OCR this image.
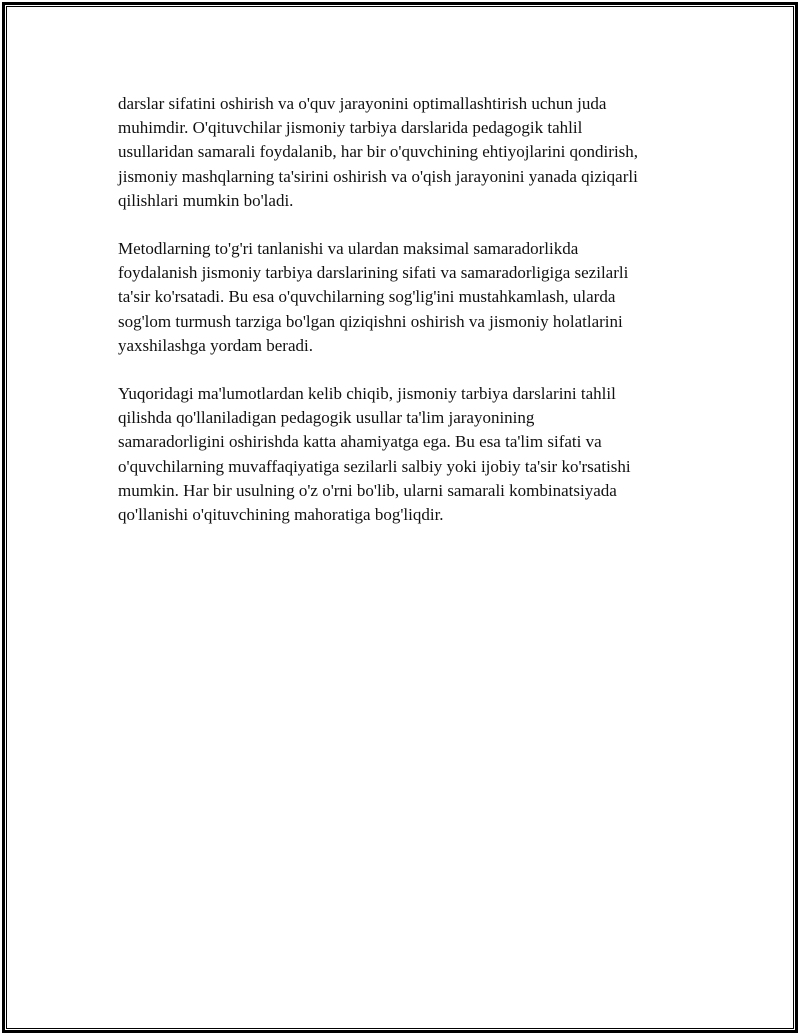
darslar sifatini oshirish va o'quv jarayonini optimallashtirish uchun juda
muhimdir. O'qituvchilar jismoniy tarbiya darslarida pedagogik tahlil
usullaridan samarali foydalanib, har bir o'quvchining ehtiyojlarini qondirish,
jismoniy mashqlarning ta'sirini oshirish va o'qish jarayonini yanada qiziqarli
qilishlari mumkin bo'ladi.

Metodlarning to'g'ri tanlanishi va ulardan maksimal samaradorlikda
foydalanish jismoniy tarbiya darslarining sifati va samaradorligiga sezilarli
ta'sir ko'rsatadi. Bu esa o'quvchilarning sog'lig'ini mustahkamlash, ularda
sog'lom turmush tarziga bo'lgan qiziqishni oshirish va jismoniy holatlarini
yaxshilashga yordam beradi.

Yuqoridagi ma'lumotlardan kelib chiqib, jismoniy tarbiya darslarini tahlil
qilishda qo'llaniladigan pedagogik usullar ta'lim jarayonining
samaradorligini oshirishda katta ahamiyatga ega. Bu esa ta'lim sifati va
o'quvchilarning muvaffaqiyatiga sezilarli salbiy yoki ijobiy ta'sir ko'rsatishi
mumkin. Har bir usulning o'z o'rni bo'lib, ularni samarali kombinatsiyada
qo'llanishi o'qituvchining mahoratiga bog'liqdir.
